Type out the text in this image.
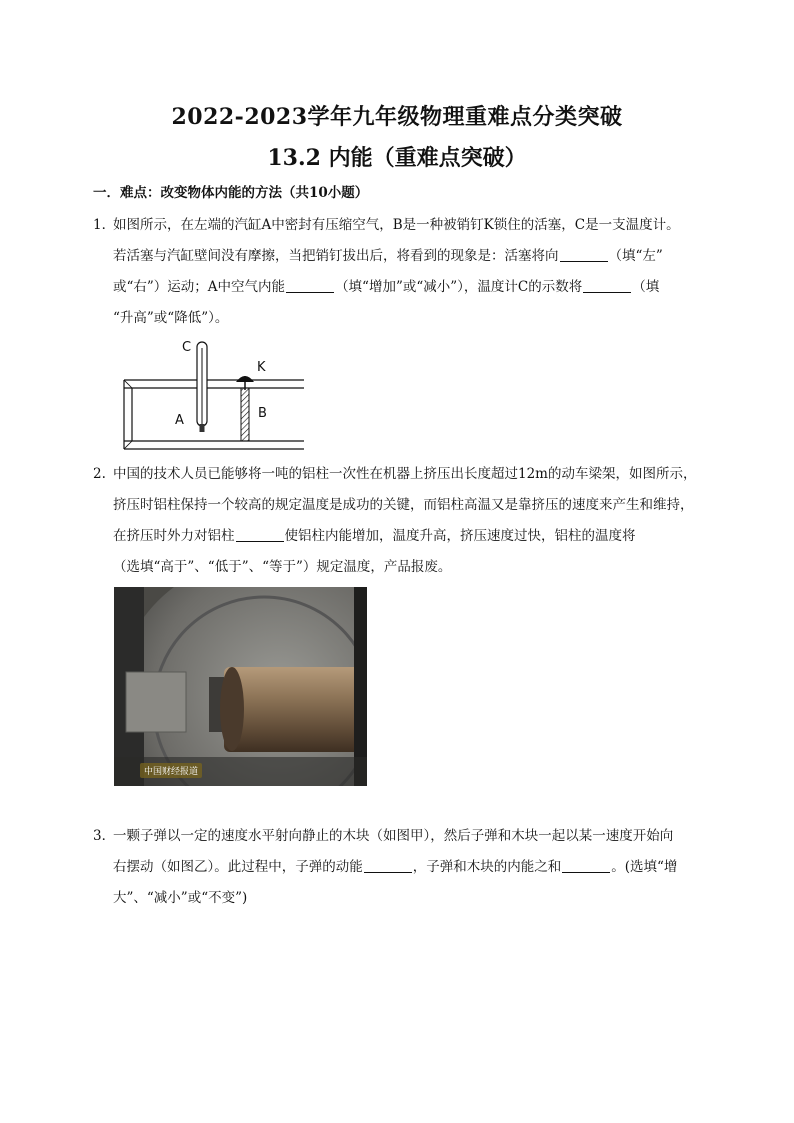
2022-2023学年九年级物理重难点分类突破
13.2 内能（重难点突破）
一．难点：改变物体内能的方法（共10小题）
1．
如图所示，在左端的汽缸A中密封有压缩空气，B是一种被销钉K锁住的活塞，C是一支温度计。
若活塞与汽缸壁间没有摩擦，当把销钉拔出后，将看到的现象是：活塞将向	（填“左”
或“右”）运动；A中空气内能	（填“增加”或“减小”），温度计C的示数将	（填
“升高”或“降低”）。
C
K
A	B
2. 中国的技术人员已能够将一吨的铝柱一次性在机器上挤压出长度超过12m的动车梁架，如图所示，
挤压时铝柱保持一个较高的规定温度是成功的关键，而铝柱高温又是靠挤压的速度来产生和维持，
在挤压时外力对铝柱	使铝柱内能增加，温度升高，挤压速度过快，铝柱的温度将
（选填“高于”、“低于”、“等于”）规定温度，产品报废。
中国财经报道
3．
一颗子弹以一定的速度水平射向静止的木块（如图甲），然后子弹和木块一起以某一速度开始向
右摆动（如图乙）。此过程中，子弹的动能	，子弹和木块的内能之和	。(选填“增
大”、“减小”或“不变”)
